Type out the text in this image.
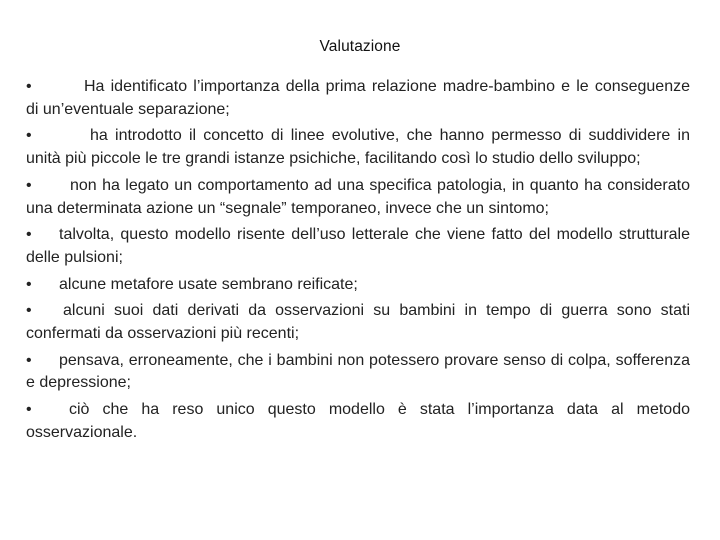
Valutazione

•	Ha identificato l’importanza della prima relazione madre-bambino e le conseguenze di un’eventuale separazione;

•	ha introdotto il concetto di linee evolutive, che hanno permesso di suddividere in unità più piccole le tre grandi istanze psichiche, facilitando così lo studio dello sviluppo;

• non ha legato un comportamento ad una specifica patologia, in quanto ha considerato una determinata azione un “segnale” temporaneo, invece che un sintomo;

• talvolta, questo modello risente dell’uso letterale che viene fatto del modello strutturale delle pulsioni;

• alcune metafore usate sembrano reificate;

• alcuni suoi dati derivati da osservazioni su bambini in tempo di guerra sono stati confermati da osservazioni più recenti;

• pensava, erroneamente, che i bambini non potessero provare senso di colpa, sofferenza e depressione;

• ciò che ha reso unico questo modello è stata l’importanza data al metodo osservazionale.
